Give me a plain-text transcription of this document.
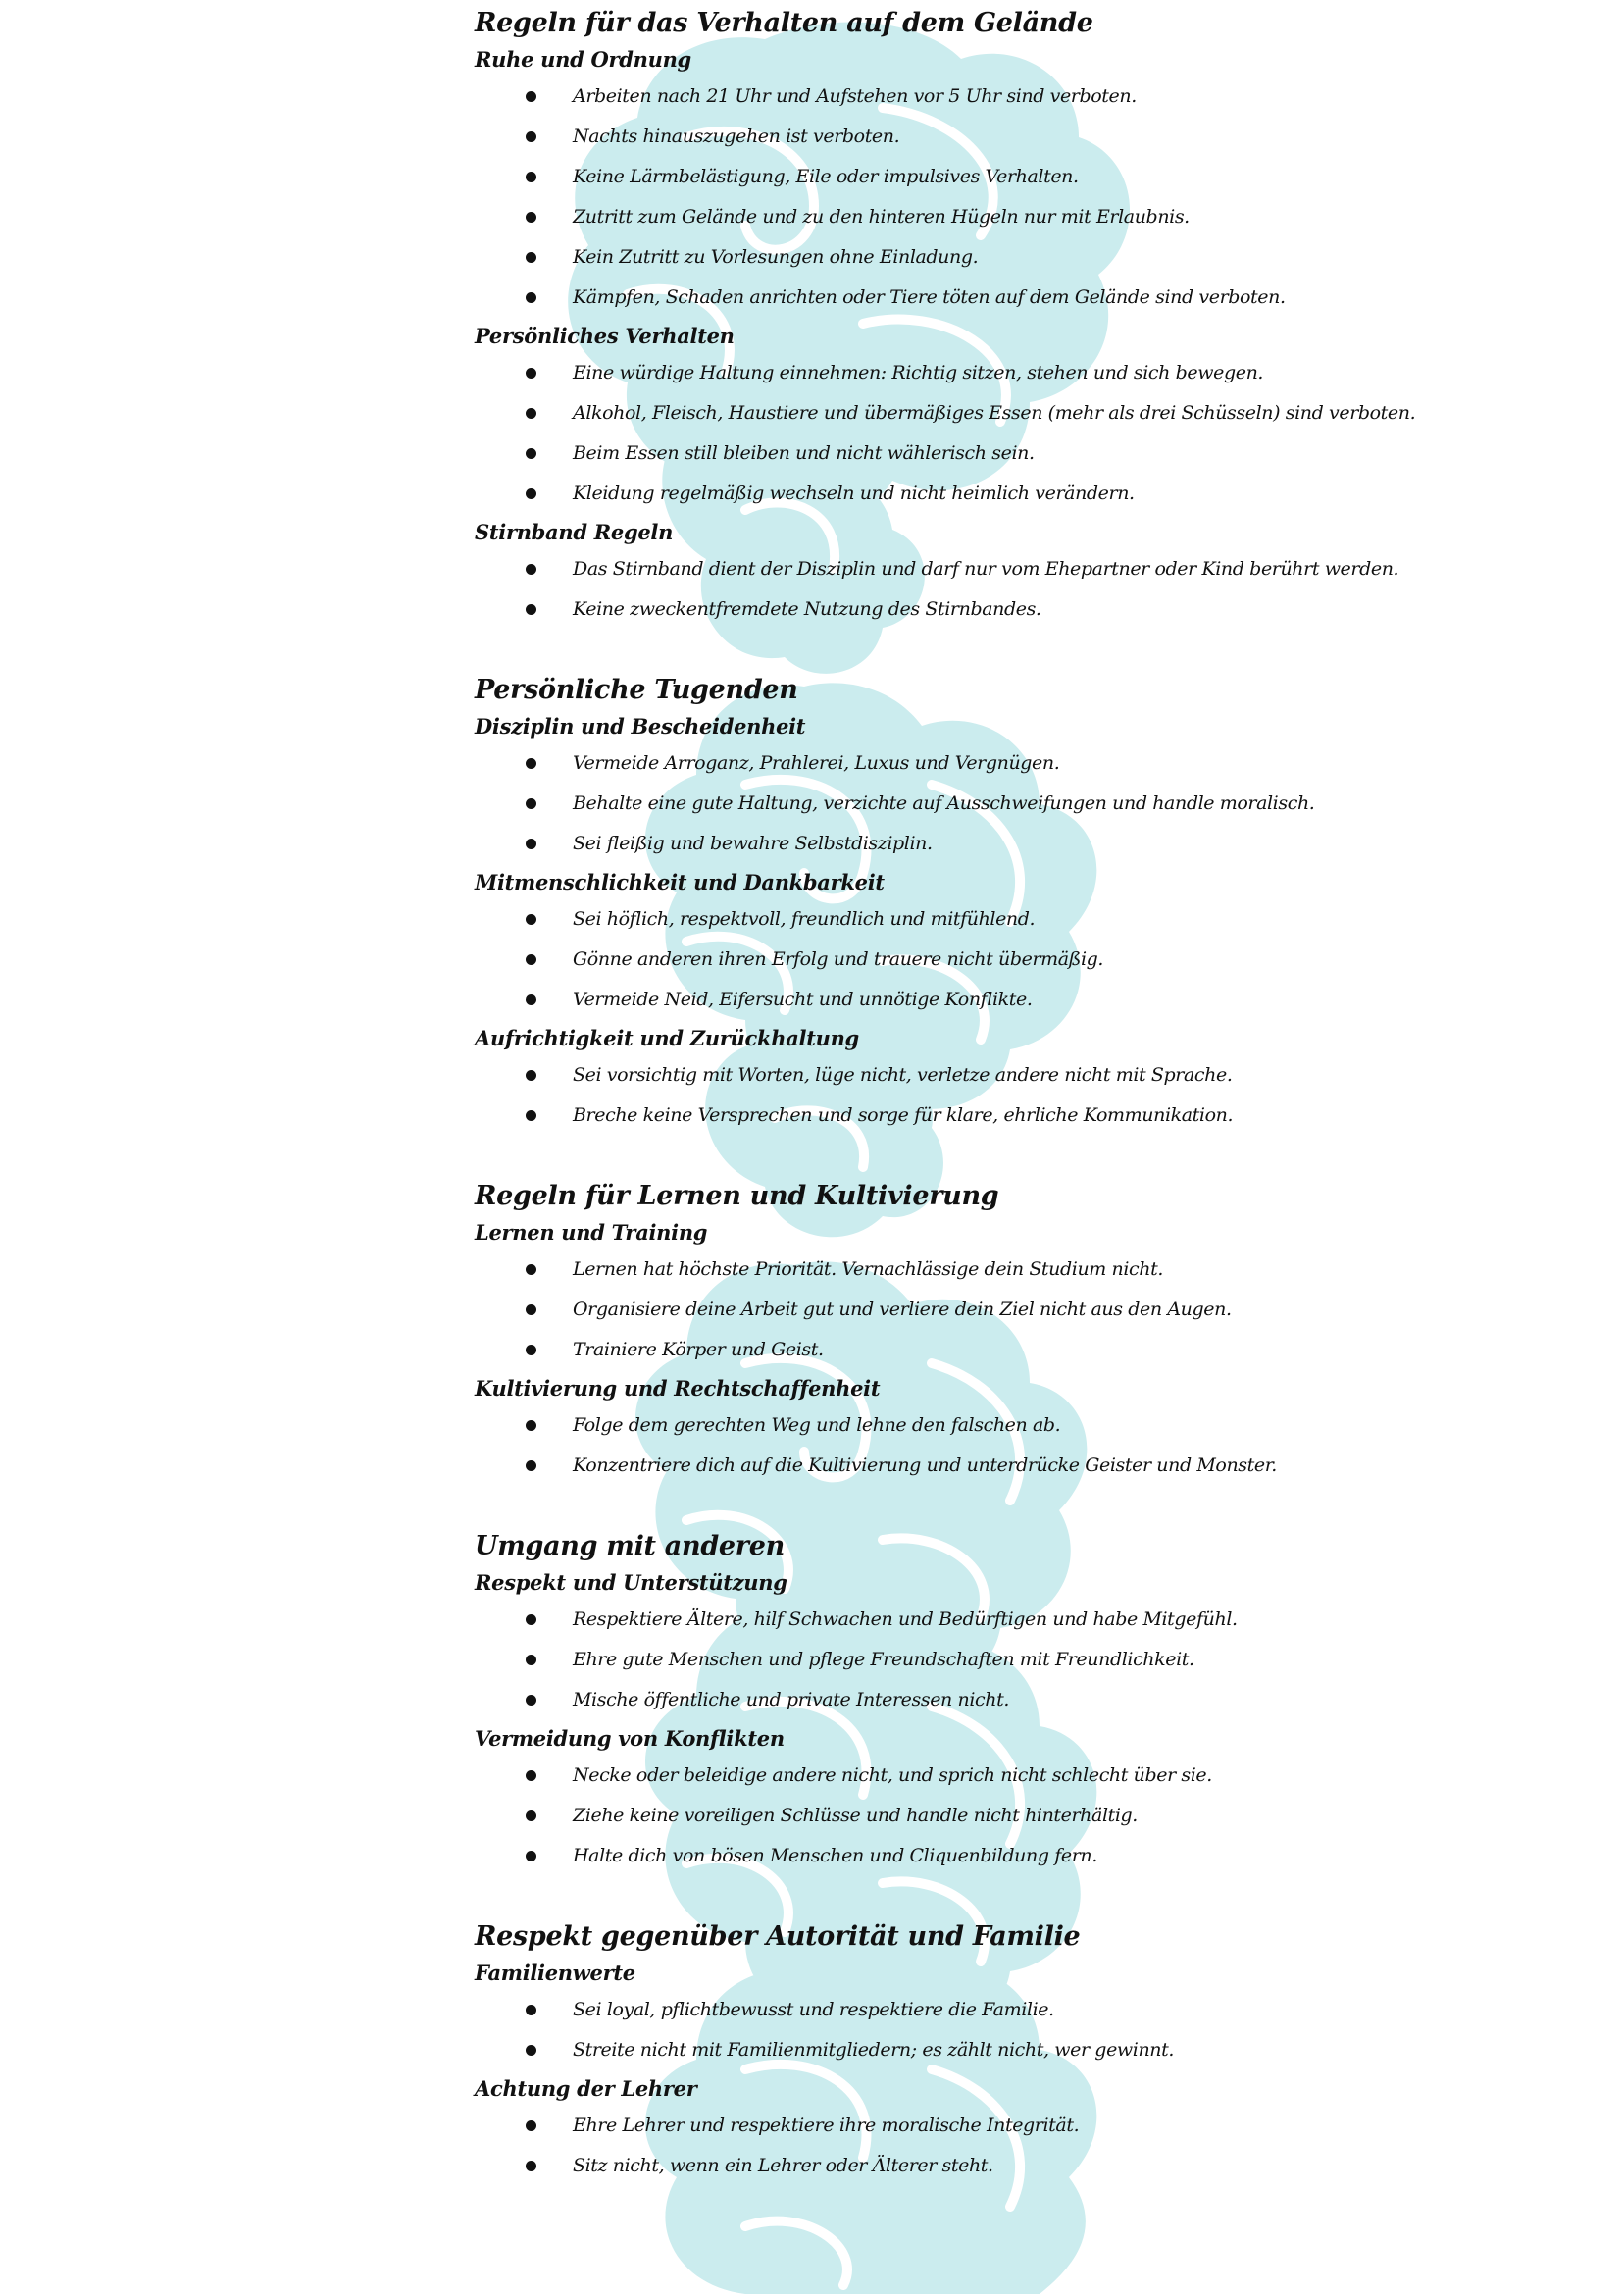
Regeln für das Verhalten auf dem Gelände
Ruhe und Ordnung
Arbeiten nach 21 Uhr und Aufstehen vor 5 Uhr sind verboten.
Nachts hinauszugehen ist verboten.
Keine Lärmbelästigung, Eile oder impulsives Verhalten.
Zutritt zum Gelände und zu den hinteren Hügeln nur mit Erlaubnis.
Kein Zutritt zu Vorlesungen ohne Einladung.
Kämpfen, Schaden anrichten oder Tiere töten auf dem Gelände sind verboten.
Persönliches Verhalten
Eine würdige Haltung einnehmen: Richtig sitzen, stehen und sich bewegen.
Alkohol, Fleisch, Haustiere und übermäßiges Essen (mehr als drei Schüsseln) sind verboten.
Beim Essen still bleiben und nicht wählerisch sein.
Kleidung regelmäßig wechseln und nicht heimlich verändern.
Stirnband Regeln
Das Stirnband dient der Disziplin und darf nur vom Ehepartner oder Kind berührt werden.
Keine zweckentfremdete Nutzung des Stirnbandes.
Persönliche Tugenden
Disziplin und Bescheidenheit
Vermeide Arroganz, Prahlerei, Luxus und Vergnügen.
Behalte eine gute Haltung, verzichte auf Ausschweifungen und handle moralisch.
Sei fleißig und bewahre Selbstdisziplin.
Mitmenschlichkeit und Dankbarkeit
Sei höflich, respektvoll, freundlich und mitfühlend.
Gönne anderen ihren Erfolg und trauere nicht übermäßig.
Vermeide Neid, Eifersucht und unnötige Konflikte.
Aufrichtigkeit und Zurückhaltung
Sei vorsichtig mit Worten, lüge nicht, verletze andere nicht mit Sprache.
Breche keine Versprechen und sorge für klare, ehrliche Kommunikation.
Regeln für Lernen und Kultivierung
Lernen und Training
Lernen hat höchste Priorität. Vernachlässige dein Studium nicht.
Organisiere deine Arbeit gut und verliere dein Ziel nicht aus den Augen.
Trainiere Körper und Geist.
Kultivierung und Rechtschaffenheit
Folge dem gerechten Weg und lehne den falschen ab.
Konzentriere dich auf die Kultivierung und unterdrücke Geister und Monster.
Umgang mit anderen
Respekt und Unterstützung
Respektiere Ältere, hilf Schwachen und Bedürftigen und habe Mitgefühl.
Ehre gute Menschen und pflege Freundschaften mit Freundlichkeit.
Mische öffentliche und private Interessen nicht.
Vermeidung von Konflikten
Necke oder beleidige andere nicht, und sprich nicht schlecht über sie.
Ziehe keine voreiligen Schlüsse und handle nicht hinterhältig.
Halte dich von bösen Menschen und Cliquenbildung fern.
Respekt gegenüber Autorität und Familie
Familienwerte
Sei loyal, pflichtbewusst und respektiere die Familie.
Streite nicht mit Familienmitgliedern; es zählt nicht, wer gewinnt.
Achtung der Lehrer
Ehre Lehrer und respektiere ihre moralische Integrität.
Sitz nicht, wenn ein Lehrer oder Älterer steht.
